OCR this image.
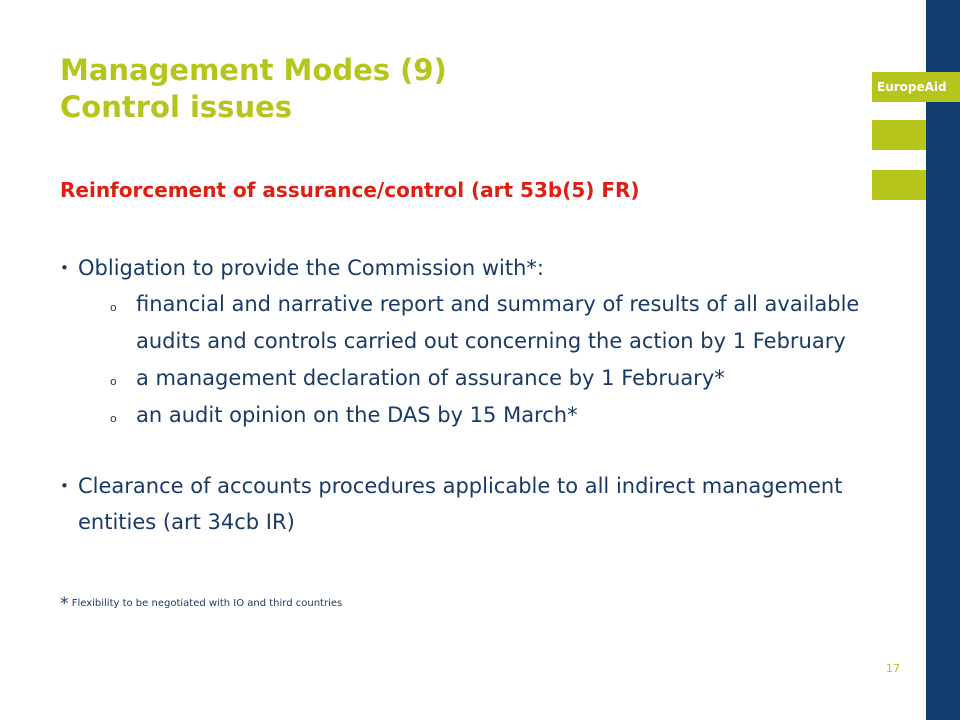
EuropeAid
Management Modes (9)
Control issues
Reinforcement of assurance/control (art 53b(5) FR)
• Obligation to provide the Commission with*:
o financial and narrative report and summary of results of all available audits and controls carried out concerning the action by 1 February
o a management declaration of assurance by 1 February*
o an audit opinion on the DAS by 15 March*
• Clearance of accounts procedures applicable to all indirect management entities (art 34cb IR)
* Flexibility to be negotiated with IO and third countries
17
